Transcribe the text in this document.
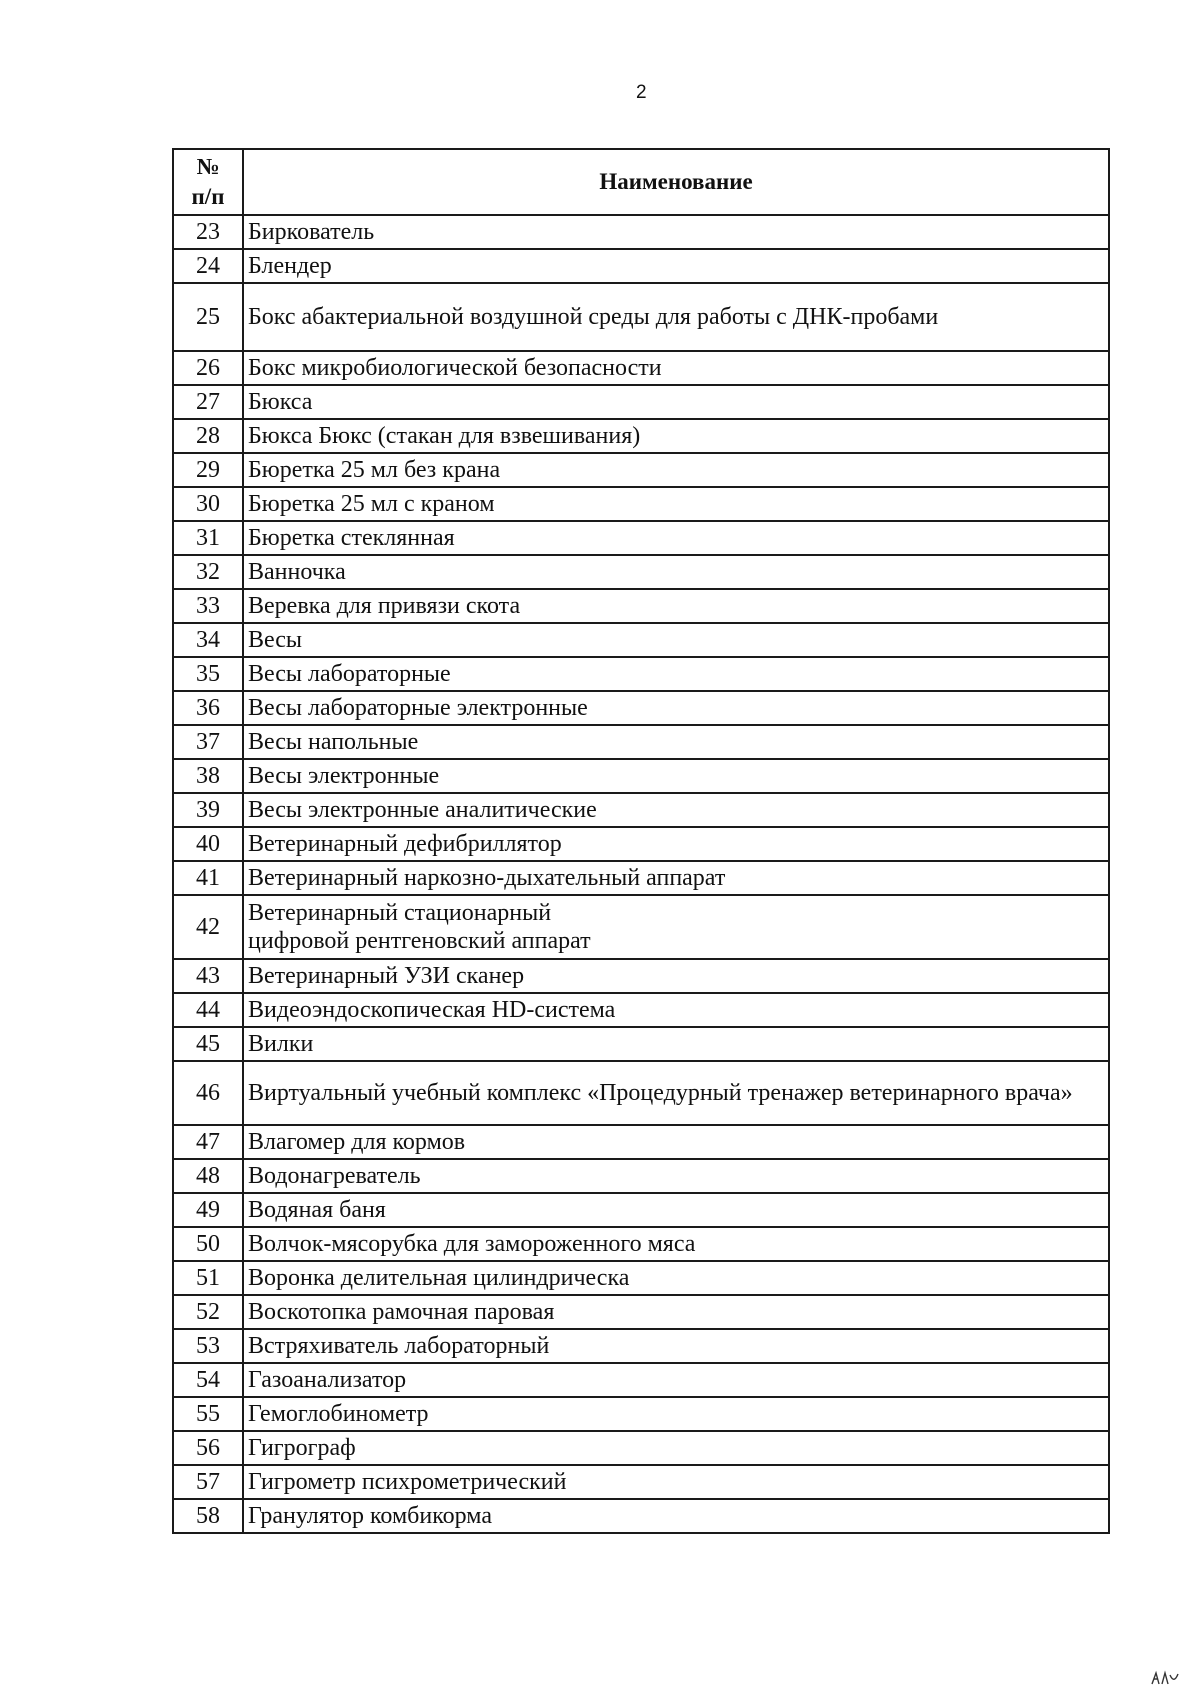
2
№
п/п	Наименование
23	Биркователь
24	Блендер
25	Бокс абактериальной воздушной среды для работы с ДНК-пробами
26	Бокс микробиологической безопасности
27	Бюкса
28	Бюкса Бюкс (стакан для взвешивания)
29	Бюретка 25 мл без крана
30	Бюретка 25 мл с краном
31	Бюретка стеклянная
32	Ванночка
33	Веревка для привязи скота
34	Весы
35	Весы лабораторные
36	Весы лабораторные электронные
37	Весы напольные
38	Весы электронные
39	Весы электронные аналитические
40	Ветеринарный дефибриллятор
41	Ветеринарный наркозно-дыхательный аппарат
42	Ветеринарный стационарный
цифровой рентгеновский аппарат
43	Ветеринарный УЗИ сканер
44	Видеоэндоскопическая HD-система
45	Вилки
46	Виртуальный учебный комплекс «Процедурный тренажер ветеринарного врача»
47	Влагомер для кормов
48	Водонагреватель
49	Водяная баня
50	Волчок-мясорубка для замороженного мяса
51	Воронка делительная цилиндрическа
52	Воскотопка рамочная паровая
53	Встряхиватель лабораторный
54	Газоанализатор
55	Гемоглобинометр
56	Гигрограф
57	Гигрометр психрометрический
58	Гранулятор комбикорма
